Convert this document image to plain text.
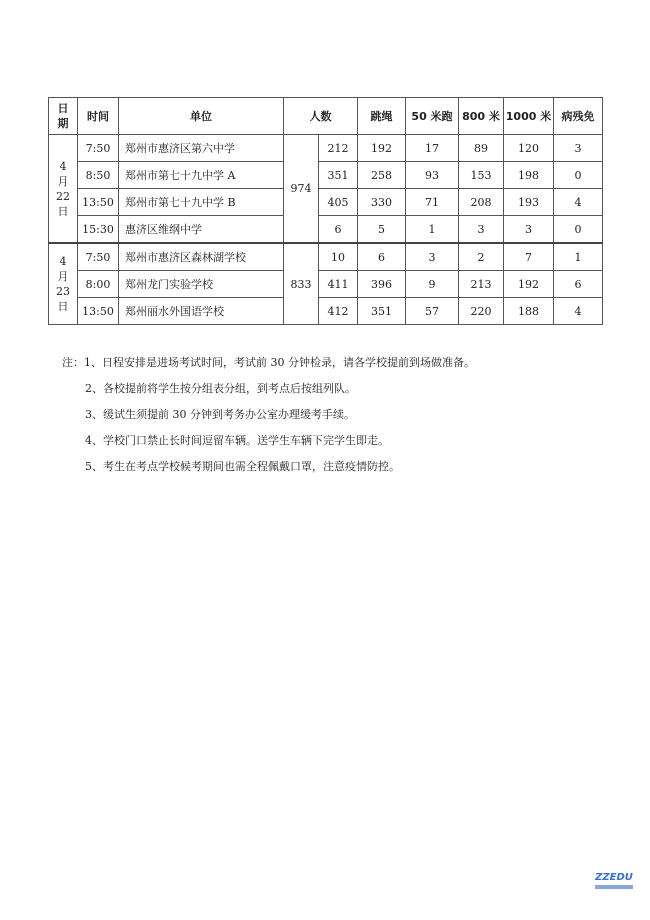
日
期	时间	单位	人数		跳绳	50 米跑	800 米	1000 米	病残免

4
月
22
日	7:50	郑州市惠济区第六中学	974	212	192	17	89	120	3
	8:50	郑州市第七十九中学 A		351	258	93	153	198	0
	13:50	郑州市第七十九中学 B		405	330	71	208	193	4
	15:30	惠济区维纲中学		6	5	1	3	3	0

4
月
23
日	7:50	郑州市惠济区森林湖学校	833	10	6	3	2	7	1
	8:00	郑州龙门实验学校		411	396	9	213	192	6
	13:50	郑州丽水外国语学校		412	351	57	220	188	4
注：1、日程安排是进场考试时间，考试前 30 分钟检录，请各学校提前到场做准备。
2、各校提前将学生按分组表分组，到考点后按组列队。
3、缓试生须提前 30 分钟到考务办公室办理缓考手续。
4、学校门口禁止长时间逗留车辆。送学生车辆下完学生即走。
5、考生在考点学校候考期间也需全程佩戴口罩，注意疫情防控。
ZZEDU
